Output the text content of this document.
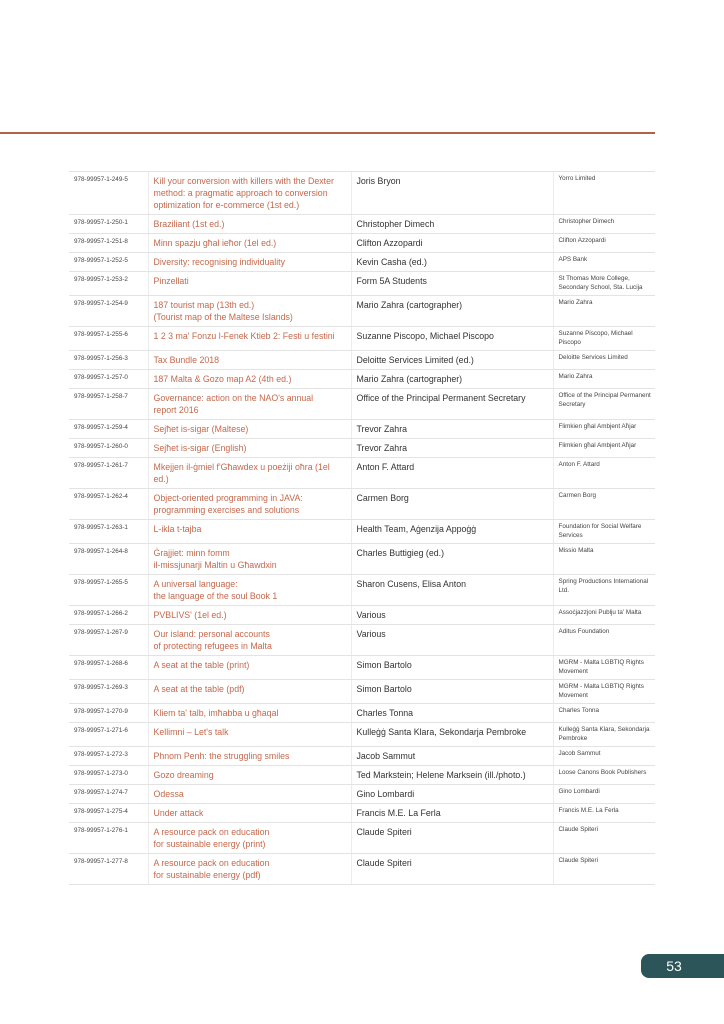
978-99957-1-249-5	Kill your conversion with killers with the Dexter
method: a pragmatic approach to conversion
optimization for e-commerce (1st ed.)	Joris Bryon	Yorro Limited
978-99957-1-250-1	Braziliant (1st ed.)	Christopher Dimech	Christopher Dimech
978-99957-1-251-8	Minn spazju għal ieħor (1el ed.)	Clifton Azzopardi	Clifton Azzopardi
978-99957-1-252-5	Diversity: recognising individuality	Kevin Casha (ed.)	APS Bank
978-99957-1-253-2	Pinzellati	Form 5A Students	St Thomas More College, Secondary School, Sta. Lucija
978-99957-1-254-9	187 tourist map (13th ed.)
(Tourist map of the Maltese Islands)	Mario Zahra (cartographer)	Mario Zahra
978-99957-1-255-6	1 2 3 ma' Fonzu l-Fenek Ktieb 2: Festi u festini	Suzanne Piscopo, Michael Piscopo	Suzanne Piscopo, Michael Piscopo
978-99957-1-256-3	Tax Bundle 2018	Deloitte Services Limited (ed.)	Deloitte Services Limited
978-99957-1-257-0	187 Malta & Gozo map A2 (4th ed.)	Mario Zahra (cartographer)	Mario Zahra
978-99957-1-258-7	Governance: action on the NAO's annual
report 2016	Office of the Principal Permanent Secretary	Office of the Principal Permanent Secretary
978-99957-1-259-4	Sejħet is-sigar (Maltese)	Trevor Zahra	Flimkien għal Ambjent Aħjar
978-99957-1-260-0	Sejħet is-sigar (English)	Trevor Zahra	Flimkien għal Ambjent Aħjar
978-99957-1-261-7	Mkejjen il-ġmiel f'Għawdex u poeżiji oħra (1el ed.)	Anton F. Attard	Anton F. Attard
978-99957-1-262-4	Object-oriented programming in JAVA:
programming exercises and solutions	Carmen Borg	Carmen Borg
978-99957-1-263-1	L-ikla t-tajba	Health Team, Aġenzija Appoġġ	Foundation for Social Welfare Services
978-99957-1-264-8	Ġrajjiet: minn fomm
il-missjunarji Maltin u Għawdxin	Charles Buttigieg (ed.)	Missio Malta
978-99957-1-265-5	A universal language:
the language of the soul Book 1	Sharon Cusens, Elisa Anton	Spring Productions International Ltd.
978-99957-1-266-2	PVBLIVS' (1el ed.)	Various	Assoċjazzjoni Publju ta' Malta
978-99957-1-267-9	Our island: personal accounts
of protecting refugees in Malta	Various	Aditus Foundation
978-99957-1-268-6	A seat at the table (print)	Simon Bartolo	MGRM - Malta LGBTIQ Rights Movement
978-99957-1-269-3	A seat at the table (pdf)	Simon Bartolo	MGRM - Malta LGBTIQ Rights Movement
978-99957-1-270-9	Kliem ta' talb, imħabba u għaqal	Charles Tonna	Charles Tonna
978-99957-1-271-6	Kellimni – Let's talk	Kulleġġ Santa Klara, Sekondarja Pembroke	Kulleġġ Santa Klara, Sekondarja Pembroke
978-99957-1-272-3	Phnom Penh: the struggling smiles	Jacob Sammut	Jacob Sammut
978-99957-1-273-0	Gozo dreaming	Ted Markstein; Helene Marksein (ill./photo.)	Loose Canons Book Publishers
978-99957-1-274-7	Odessa	Gino Lombardi	Gino Lombardi
978-99957-1-275-4	Under attack	Francis M.E. La Ferla	Francis M.E. La Ferla
978-99957-1-276-1	A resource pack on education
for sustainable energy (print)	Claude Spiteri	Claude Spiteri
978-99957-1-277-8	A resource pack on education
for sustainable energy (pdf)	Claude Spiteri	Claude Spiteri
53
